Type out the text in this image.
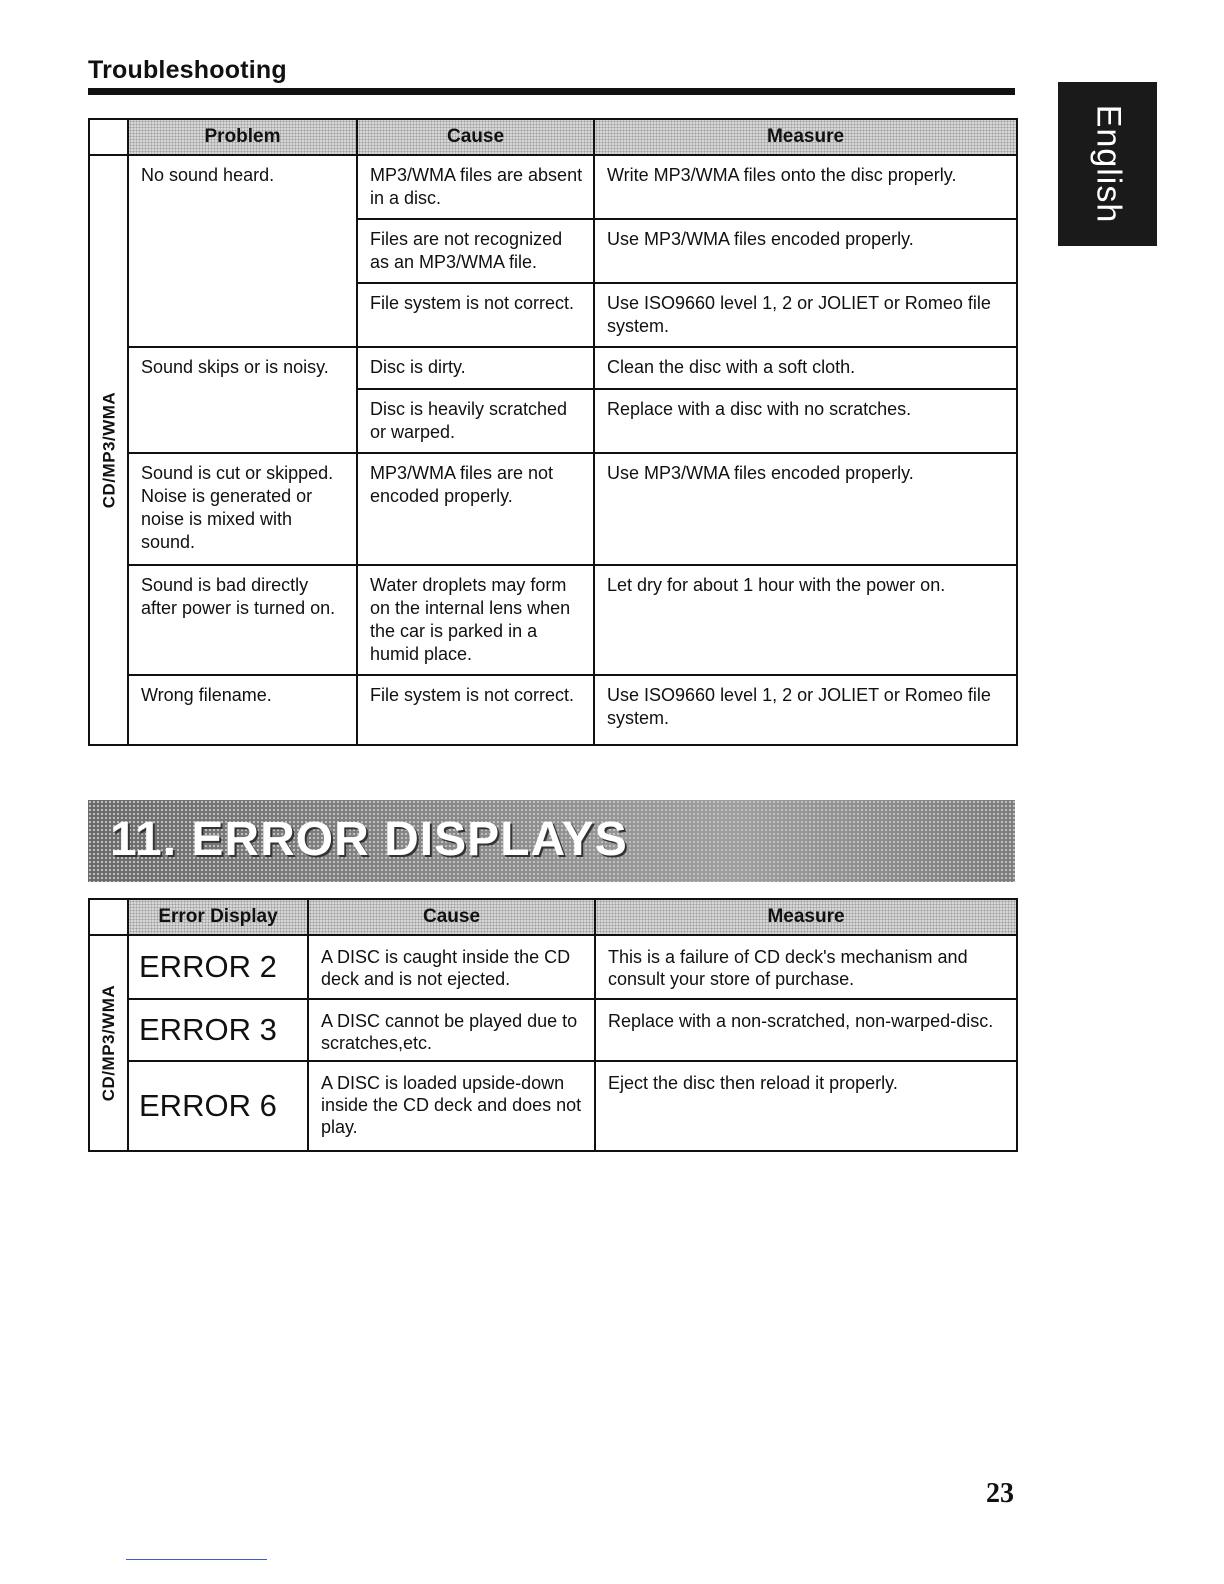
Troubleshooting
English
	Problem	Cause	Measure

CD/MP3/WMA	No sound heard.	MP3/WMA files are absent in a disc.	Write MP3/WMA files onto the disc properly.
		Files are not recognized as an MP3/WMA file.	Use MP3/WMA files encoded properly.
		File system is not correct.	Use ISO9660 level 1, 2 or JOLIET or Romeo file system.
	Sound skips or is noisy.	Disc is dirty.	Clean the disc with a soft cloth.
		Disc is heavily scratched or warped.	Replace with a disc with no scratches.
	Sound is cut or skipped. Noise is generated or noise is mixed with sound.	MP3/WMA files are not encoded properly.	Use MP3/WMA files encoded properly.
	Sound is bad directly after power is turned on.	Water droplets may form on the internal lens when the car is parked in a humid place.	Let dry for about 1 hour with the power on.
	Wrong filename.	File system is not correct.	Use ISO9660 level 1, 2 or JOLIET or Romeo file system.
11. ERROR DISPLAYS
	Error Display	Cause	Measure

CD/MP3/WMA	ERROR 2	A DISC is caught inside the CD deck and is not ejected.	This is a failure of CD deck's mechanism and consult your store of purchase.
	ERROR 3	A DISC cannot be played due to scratches,etc.	Replace with a non-scratched, non-warped-disc.
	ERROR 6	A DISC is loaded upside-down inside the CD deck and does not play.	Eject the disc then reload it properly.
23
